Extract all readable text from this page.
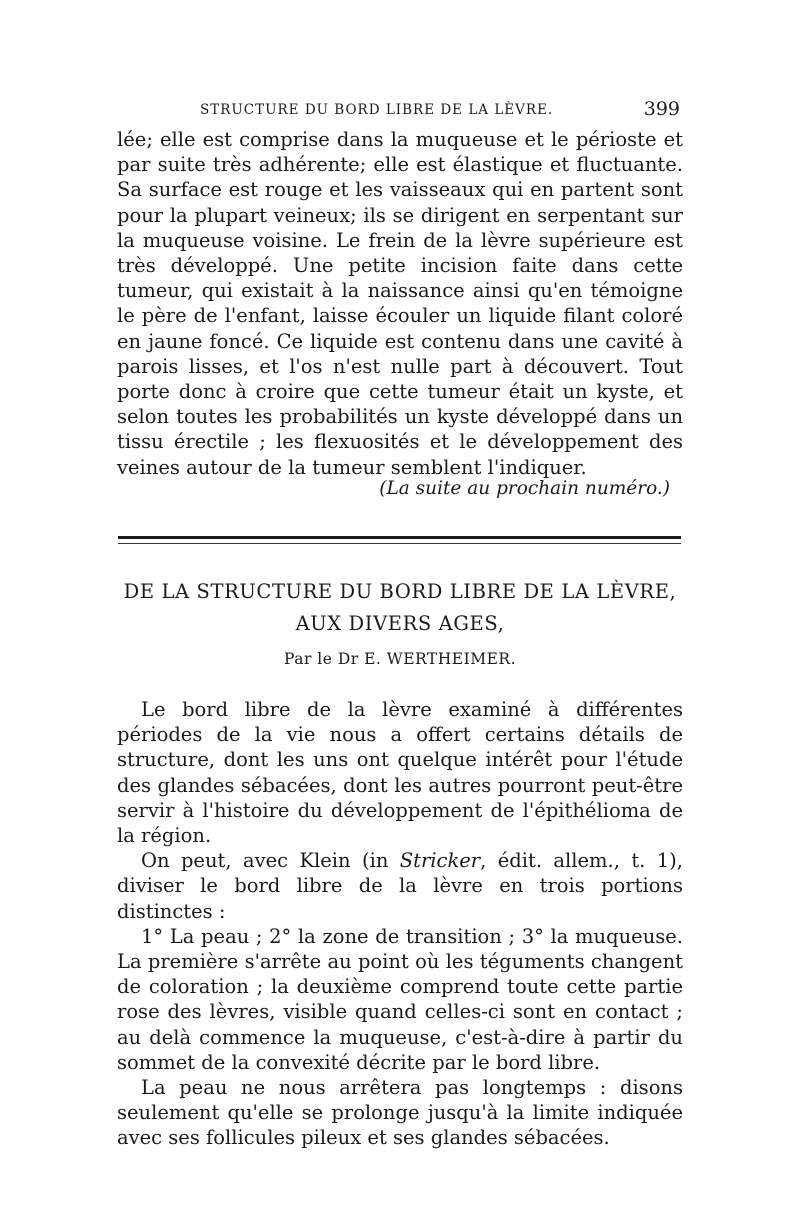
STRUCTURE DU BORD LIBRE DE LA LÈVRE.	399

lée; elle est comprise dans la muqueuse et le périoste et par suite très adhérente; elle est élastique et fluctuante. Sa surface est rouge et les vaisseaux qui en partent sont pour la plupart veineux; ils se dirigent en serpentant sur la muqueuse voisine. Le frein de la lèvre supérieure est très développé. Une petite incision faite dans cette tumeur, qui existait à la naissance ainsi qu'en témoigne le père de l'enfant, laisse écouler un liquide filant coloré en jaune foncé. Ce liquide est contenu dans une cavité à parois lisses, et l'os n'est nulle part à découvert. Tout porte donc à croire que cette tumeur était un kyste, et selon toutes les probabilités un kyste développé dans un tissu érectile ; les flexuosités et le développement des veines autour de la tumeur semblent l'indiquer.

(La suite au prochain numéro.)
DE LA STRUCTURE DU BORD LIBRE DE LA LÈVRE,
AUX DIVERS AGES,
Par le Dr E. WERTHEIMER.

Le bord libre de la lèvre examiné à différentes périodes de la vie nous a offert certains détails de structure, dont les uns ont quelque intérêt pour l'étude des glandes sébacées, dont les autres pourront peut-être servir à l'histoire du développement de l'épithélioma de la région.

On peut, avec Klein (in Stricker, édit. allem., t. 1), diviser le bord libre de la lèvre en trois portions distinctes :

1° La peau ; 2° la zone de transition ; 3° la muqueuse. La première s'arrête au point où les téguments changent de coloration ; la deuxième comprend toute cette partie rose des lèvres, visible quand celles-ci sont en contact ; au delà commence la muqueuse, c'est-à-dire à partir du sommet de la convexité décrite par le bord libre.

La peau ne nous arrêtera pas longtemps : disons seulement qu'elle se prolonge jusqu'à la limite indiquée avec ses follicules pileux et ses glandes sébacées.
